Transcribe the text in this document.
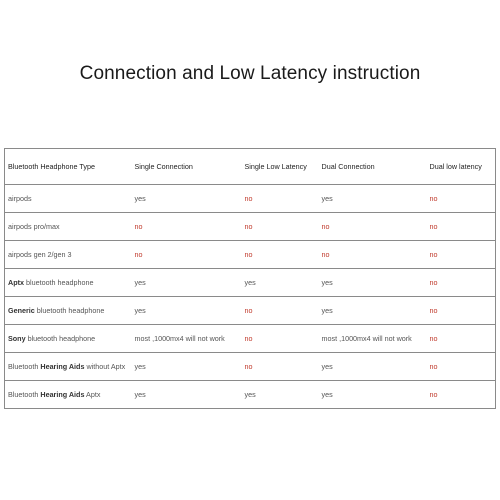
Connection and Low Latency instruction
Bluetooth Headphone Type	Single Connection	Single Low Latency	Dual Connection	Dual low latency
airpods	yes	no	yes	no
airpods pro/max	no	no	no	no
airpods gen 2/gen 3	no	no	no	no
Aptx bluetooth headphone	yes	yes	yes	no
Generic bluetooth headphone	yes	no	yes	no
Sony bluetooth headphone	most ,1000mx4 will not work	no	most ,1000mx4 will not work	no
Bluetooth Hearing Aids without Aptx	yes	no	yes	no
Bluetooth Hearing Aids Aptx	yes	yes	yes	no
